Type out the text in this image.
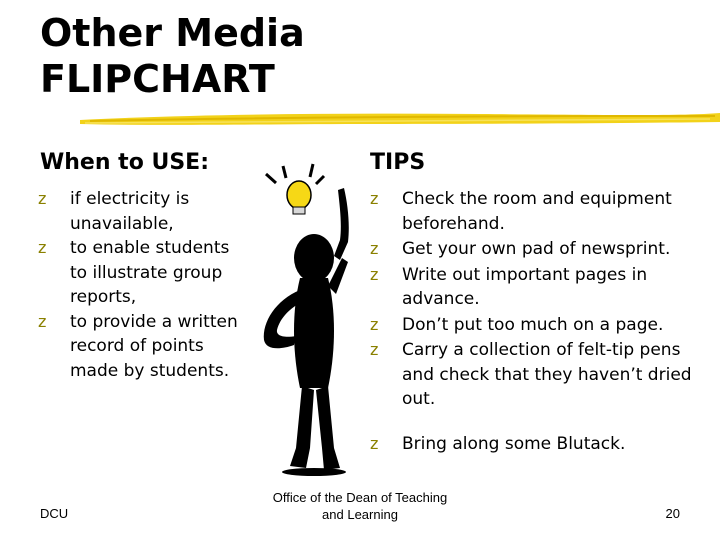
Other Media
FLIPCHART
When to USE:	TIPS
z if electricity is unavailable,
z to enable students to illustrate group reports,
z to provide a written record of points made by students.
z Check the room and equipment beforehand.
z Get your own pad of newsprint.
z Write out important pages in advance.
z Don’t put too much on a page.
z Carry a collection of felt-tip pens and check that they haven’t dried out.
z Bring along some Blutack.
DCU
Office of the Dean of Teaching
and Learning	20
